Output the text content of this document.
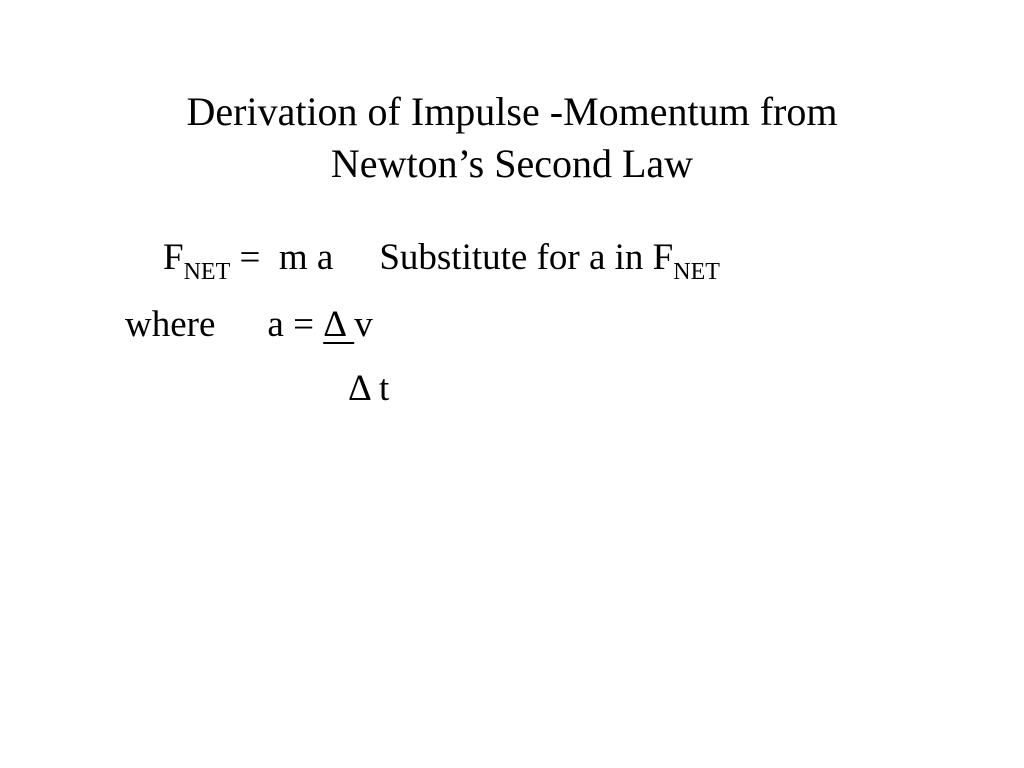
Derivation of Impulse -Momentum from
Newton’s Second Law
$F_{NET} = m$ a Substitute for a in $F_{NET}$
where a = Δ v
Δ t
